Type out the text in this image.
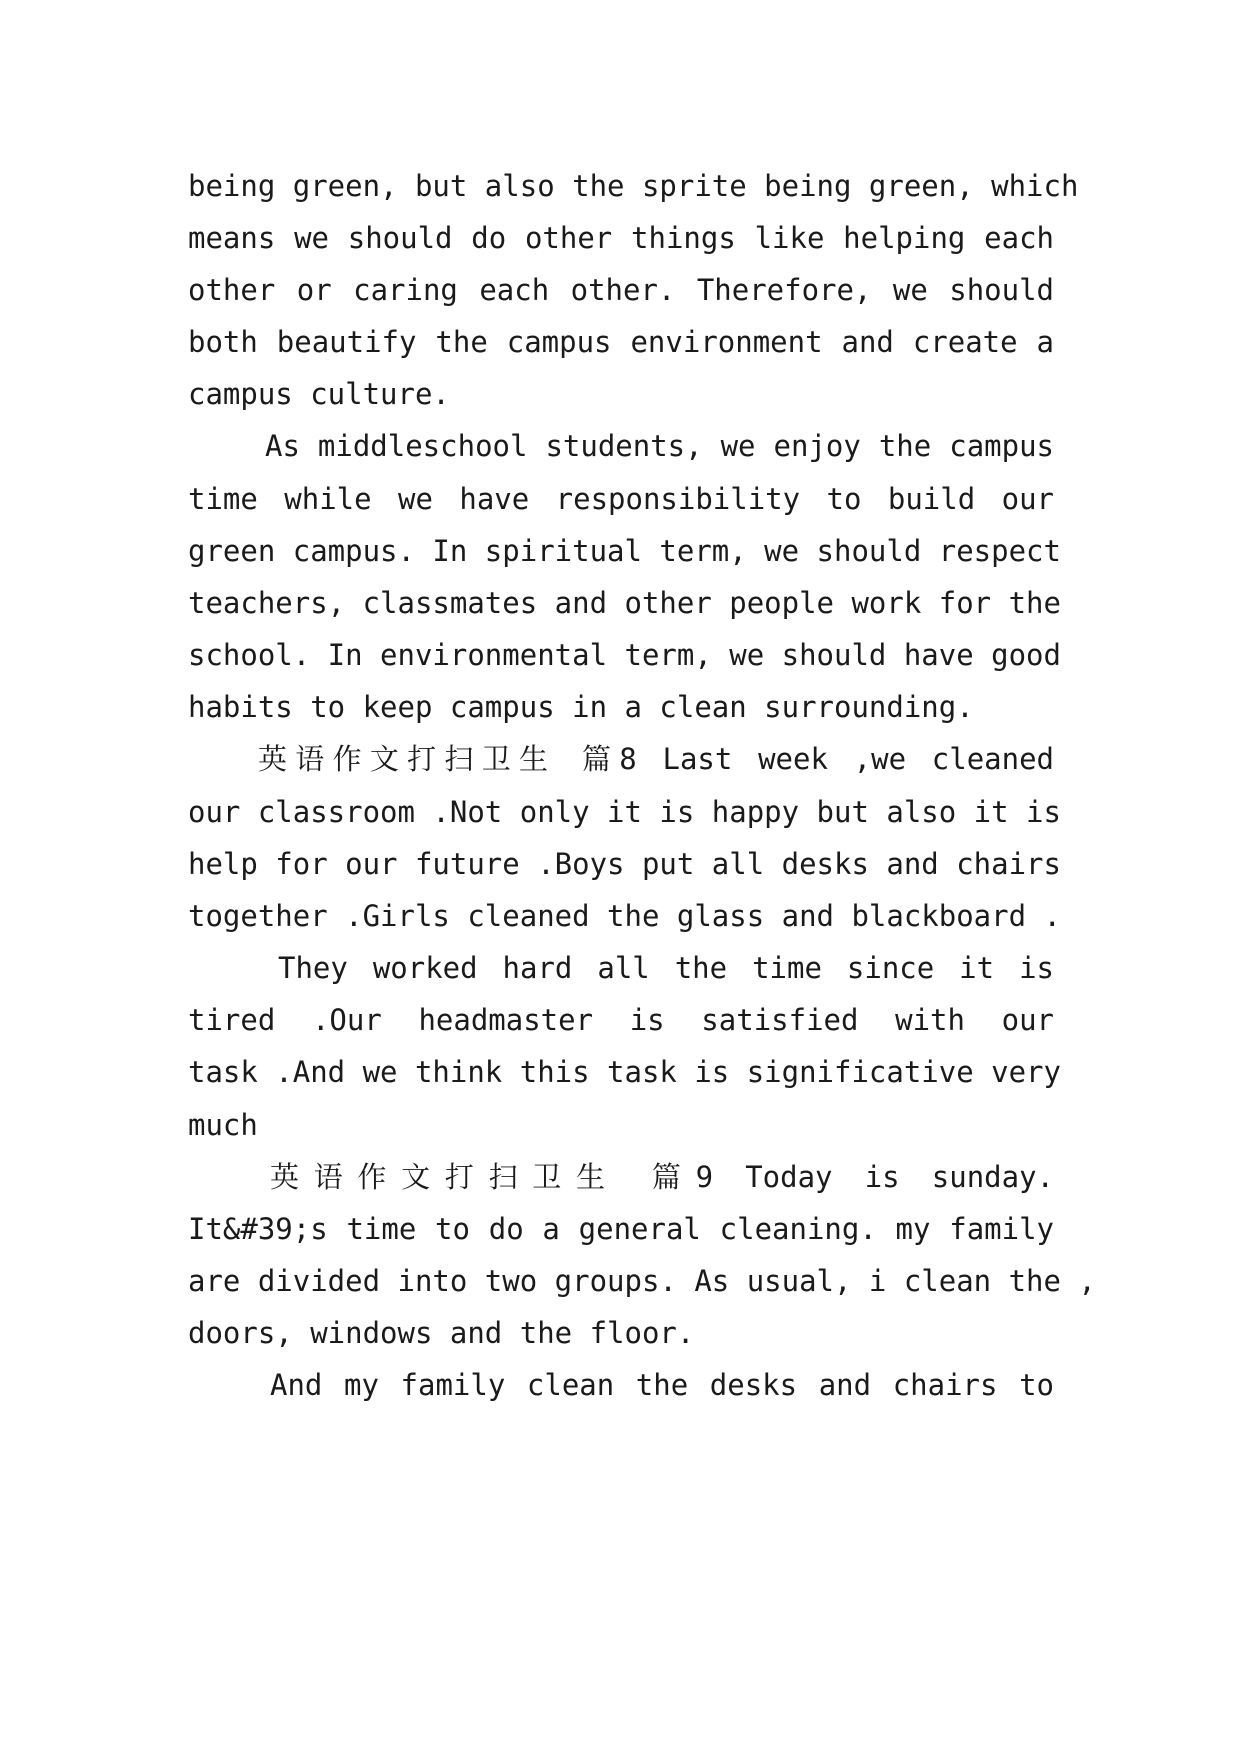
being green, but also the sprite being green, which
means we should do other things like helping each
other or caring each other. Therefore, we should
both beautify the campus environment and create a
campus culture.
As middleschool students, we enjoy the campus
time while we have responsibility to build our
green campus. In spiritual term, we should respect
teachers, classmates and other people work for the
school. In environmental term, we should have good
habits to keep campus in a clean surrounding.
英语作文打扫卫生 篇8 Last week ,we cleaned
our classroom .Not only it is happy but also it is
help for our future .Boys put all desks and chairs
together .Girls cleaned the glass and blackboard .
They worked hard all the time since it is
tired .Our headmaster is satisfied with our
task .And we think this task is significative very
much
英语作文打扫卫生 篇9 Today is sunday.
It&#39;s time to do a general cleaning. my family
are divided into two groups. As usual, i clean the ,
doors, windows and the floor.
And my family clean the desks and chairs to
